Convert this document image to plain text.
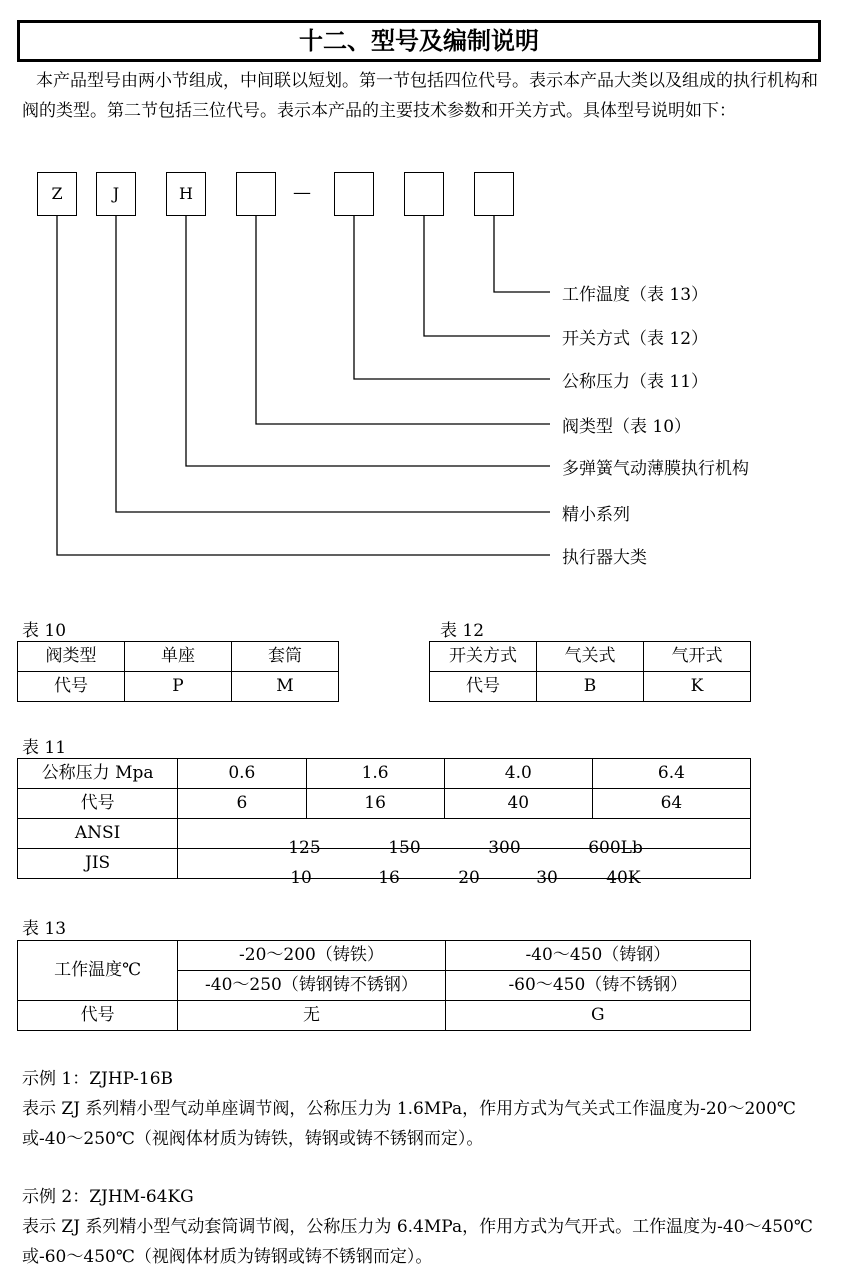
十二、型号及编制说明
本产品型号由两小节组成，中间联以短划。第一节包括四位代号。表示本产品大类以及组成的执行机构和阀的类型。第二节包括三位代号。表示本产品的主要技术参数和开关方式。具体型号说明如下：
Z	J	H	—
工作温度（表 13）
开关方式（表 12）
公称压力（表 11）
阀类型（表 10）
多弹簧气动薄膜执行机构
精小系列
执行器大类
表 10
阀类型	单座	套筒
代号	P	M
表 12
开关方式	气关式	气开式
代号	B	K
表 11
公称压力 Mpa	0.6	1.6	4.0	6.4
代号	6	16	40	64
ANSI	125 150 300 600Lb			

JIS	10 16 20 30 40K			
表 13
工作温度℃	-20～200（铸铁）	-40～450（铸钢）
	-40～250（铸钢铸不锈钢）	-60～450（铸不锈钢）
代号	无	G
示例 1：ZJHP-16B
表示 ZJ 系列精小型气动单座调节阀，公称压力为 1.6MPa，作用方式为气关式工作温度为-20～200℃或-40～250℃（视阀体材质为铸铁，铸钢或铸不锈钢而定）。
示例 2：ZJHM-64KG
表示 ZJ 系列精小型气动套筒调节阀，公称压力为 6.4MPa，作用方式为气开式。工作温度为-40～450℃或-60～450℃（视阀体材质为铸钢或铸不锈钢而定）。
